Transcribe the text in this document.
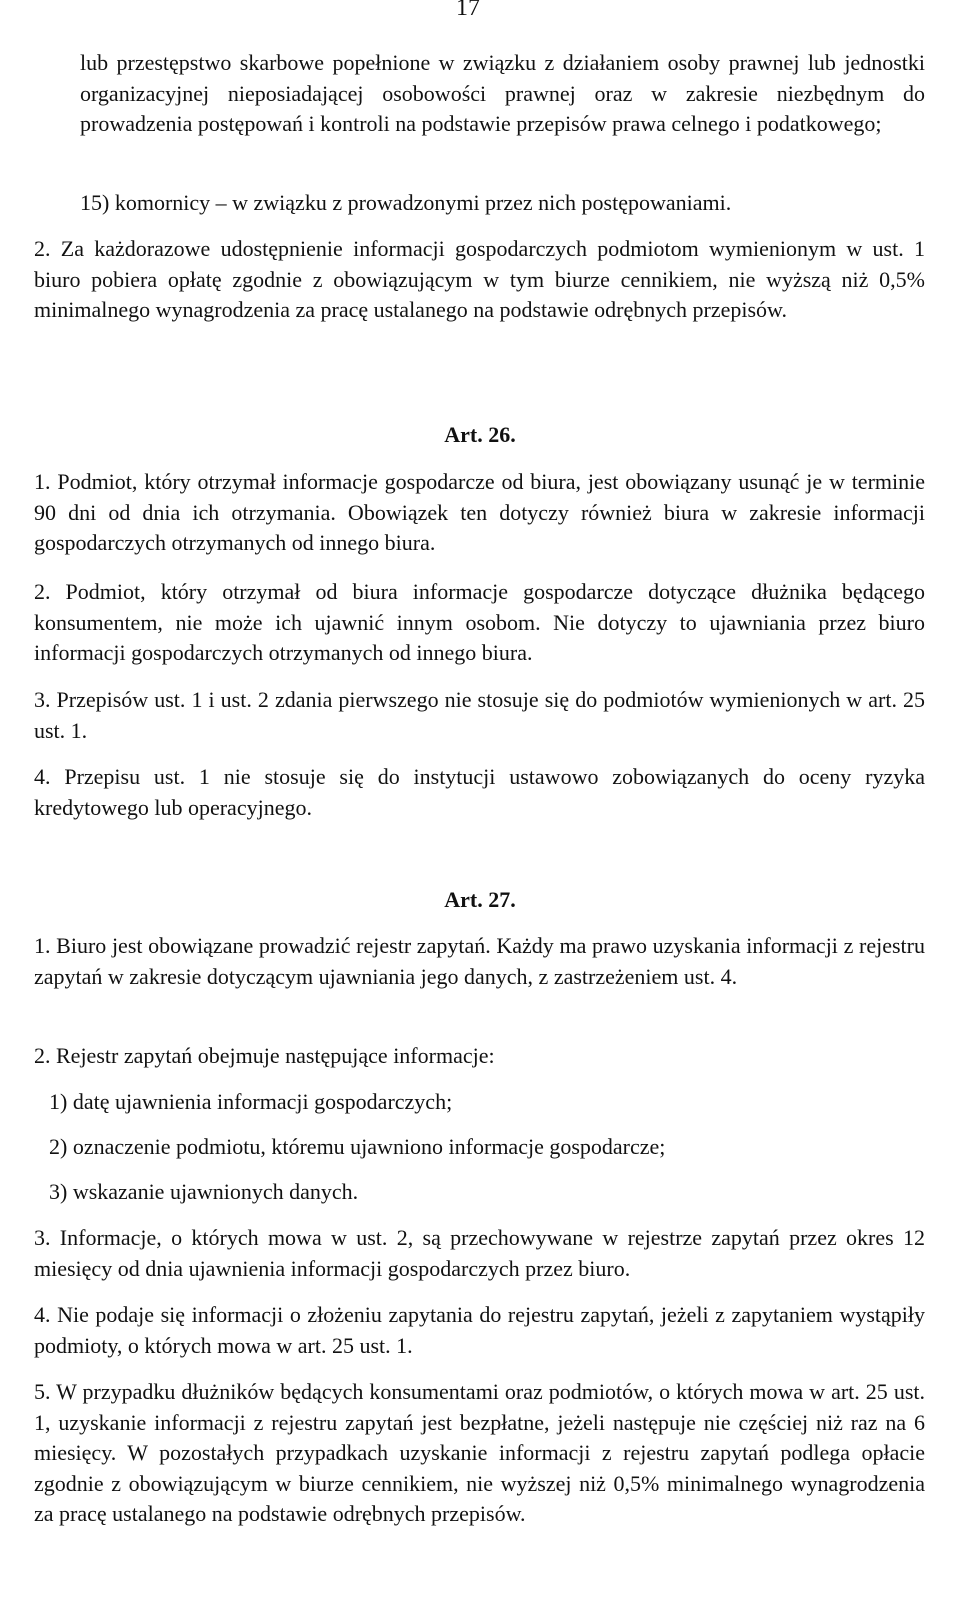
17

lub przestępstwo skarbowe popełnione w związku z działaniem osoby prawnej lub jednostki organizacyjnej nieposiadającej osobowości prawnej oraz w zakresie niezbędnym do prowadzenia postępowań i kontroli na podstawie przepisów prawa celnego i podatkowego;

15) komornicy – w związku z prowadzonymi przez nich postępowaniami.

2. Za każdorazowe udostępnienie informacji gospodarczych podmiotom wymienionym w ust. 1 biuro pobiera opłatę zgodnie z obowiązującym w tym biurze cennikiem, nie wyższą niż 0,5% minimalnego wynagrodzenia za pracę ustalanego na podstawie odrębnych przepisów.

Art. 26.

1. Podmiot, który otrzymał informacje gospodarcze od biura, jest obowiązany usunąć je w terminie 90 dni od dnia ich otrzymania. Obowiązek ten dotyczy również biura w zakresie informacji gospodarczych otrzymanych od innego biura.

2. Podmiot, który otrzymał od biura informacje gospodarcze dotyczące dłużnika będącego konsumentem, nie może ich ujawnić innym osobom. Nie dotyczy to ujawniania przez biuro informacji gospodarczych otrzymanych od innego biura.

3. Przepisów ust. 1 i ust. 2 zdania pierwszego nie stosuje się do podmiotów wymienionych w art. 25 ust. 1.

4. Przepisu ust. 1 nie stosuje się do instytucji ustawowo zobowiązanych do oceny ryzyka kredytowego lub operacyjnego.

Art. 27.

1. Biuro jest obowiązane prowadzić rejestr zapytań. Każdy ma prawo uzyskania informacji z rejestru zapytań w zakresie dotyczącym ujawniania jego danych, z zastrzeżeniem ust. 4.

2. Rejestr zapytań obejmuje następujące informacje:

1) datę ujawnienia informacji gospodarczych;

2) oznaczenie podmiotu, któremu ujawniono informacje gospodarcze;

3) wskazanie ujawnionych danych.

3. Informacje, o których mowa w ust. 2, są przechowywane w rejestrze zapytań przez okres 12 miesięcy od dnia ujawnienia informacji gospodarczych przez biuro.

4. Nie podaje się informacji o złożeniu zapytania do rejestru zapytań, jeżeli z zapytaniem wystąpiły podmioty, o których mowa w art. 25 ust. 1.

5. W przypadku dłużników będących konsumentami oraz podmiotów, o których mowa w art. 25 ust. 1, uzyskanie informacji z rejestru zapytań jest bezpłatne, jeżeli następuje nie częściej niż raz na 6 miesięcy. W pozostałych przypadkach uzyskanie informacji z rejestru zapytań podlega opłacie zgodnie z obowiązującym w biurze cennikiem, nie wyższej niż 0,5% minimalnego wynagrodzenia za pracę ustalanego na podstawie odrębnych przepisów.
